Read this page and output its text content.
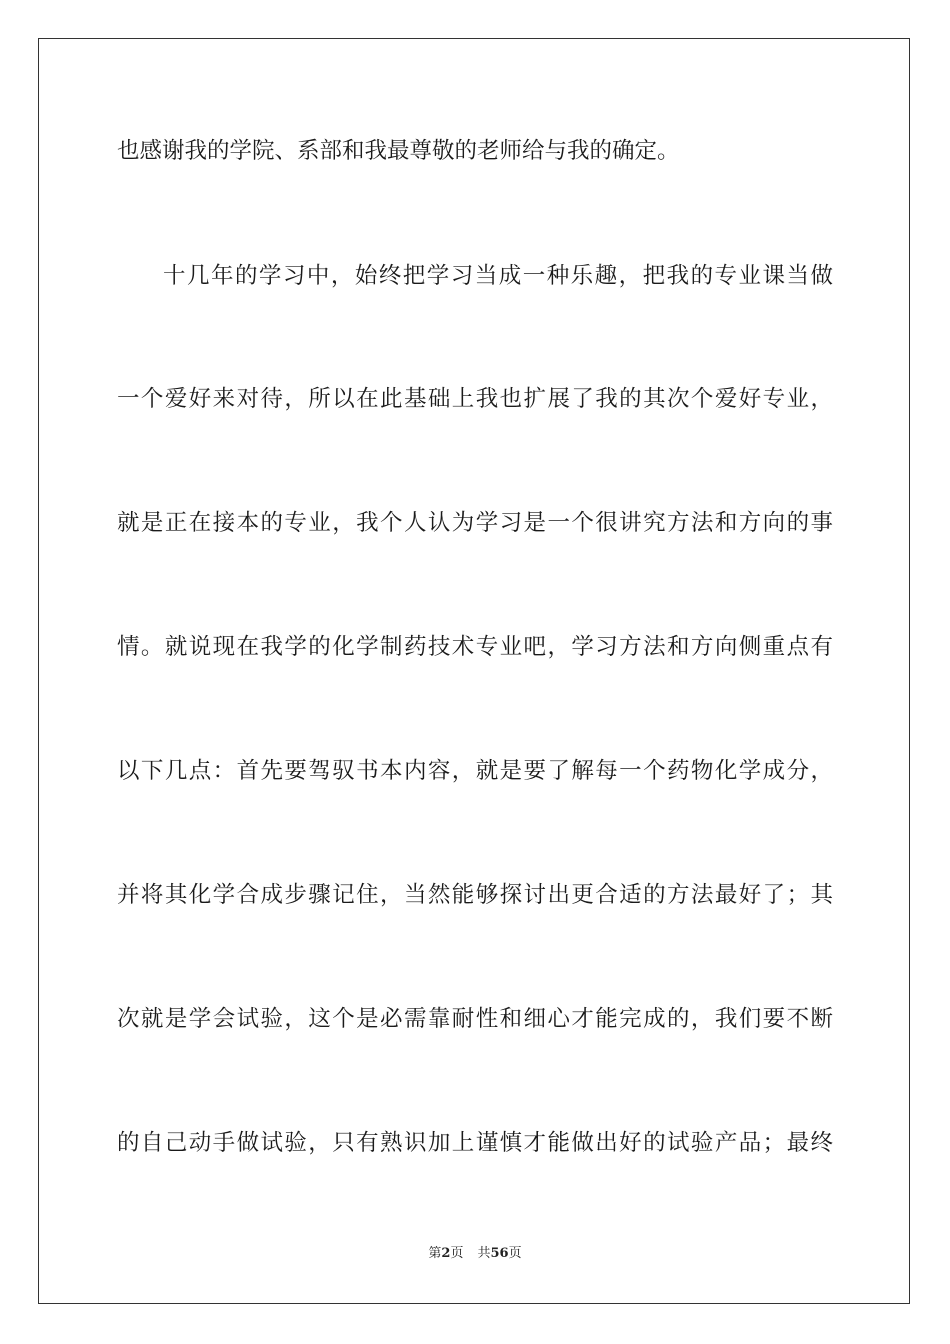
也感谢我的学院、系部和我最尊敬的老师给与我的确定。
十几年的学习中，始终把学习当成一种乐趣，把我的专业课当做
一个爱好来对待，所以在此基础上我也扩展了我的其次个爱好专业，
就是正在接本的专业，我个人认为学习是一个很讲究方法和方向的事
情。就说现在我学的化学制药技术专业吧，学习方法和方向侧重点有
以下几点：首先要驾驭书本内容，就是要了解每一个药物化学成分，
并将其化学合成步骤记住，当然能够探讨出更合适的方法最好了；其
次就是学会试验，这个是必需靠耐性和细心才能完成的，我们要不断
的自己动手做试验，只有熟识加上谨慎才能做出好的试验产品；最终
第2页 共56页
